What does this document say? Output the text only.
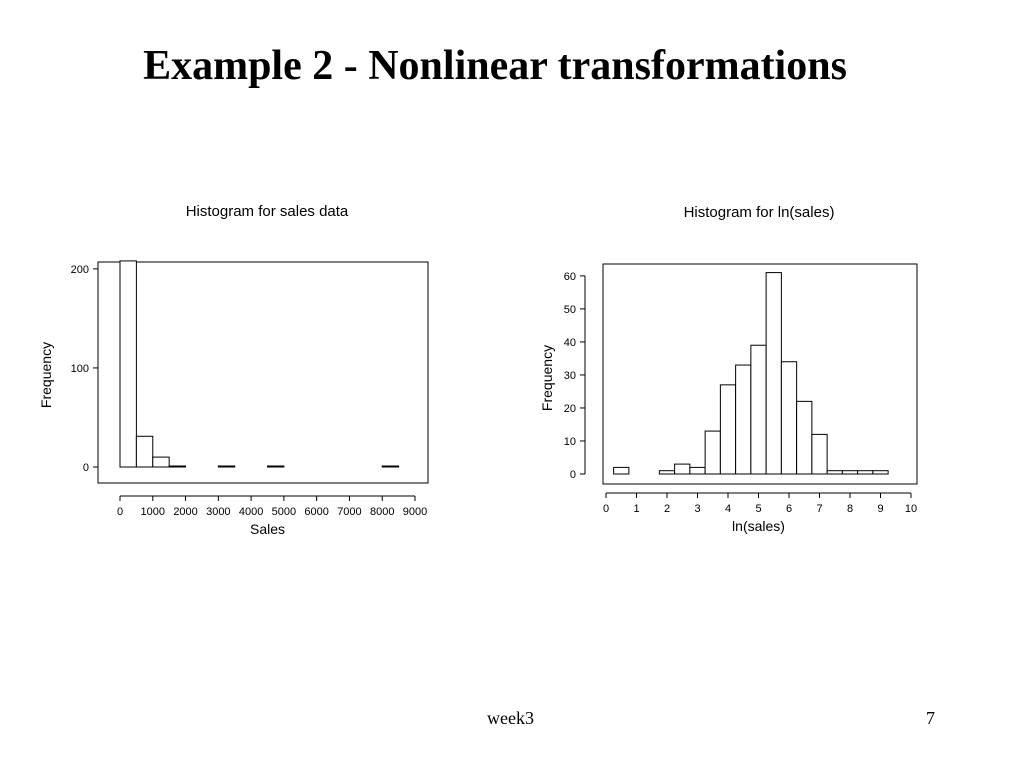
Example 2 - Nonlinear transformations
Histogram for sales data
0 1000 2000 3000 4000 5000 6000 7000 8000 9000
0
100
200
Sales
Frequency
Histogram for ln(sales)
0 1 2 3 4 5 6 7 8 9 10
0
10
20
30
40
50
60
ln(sales)
Frequency
week3	7
